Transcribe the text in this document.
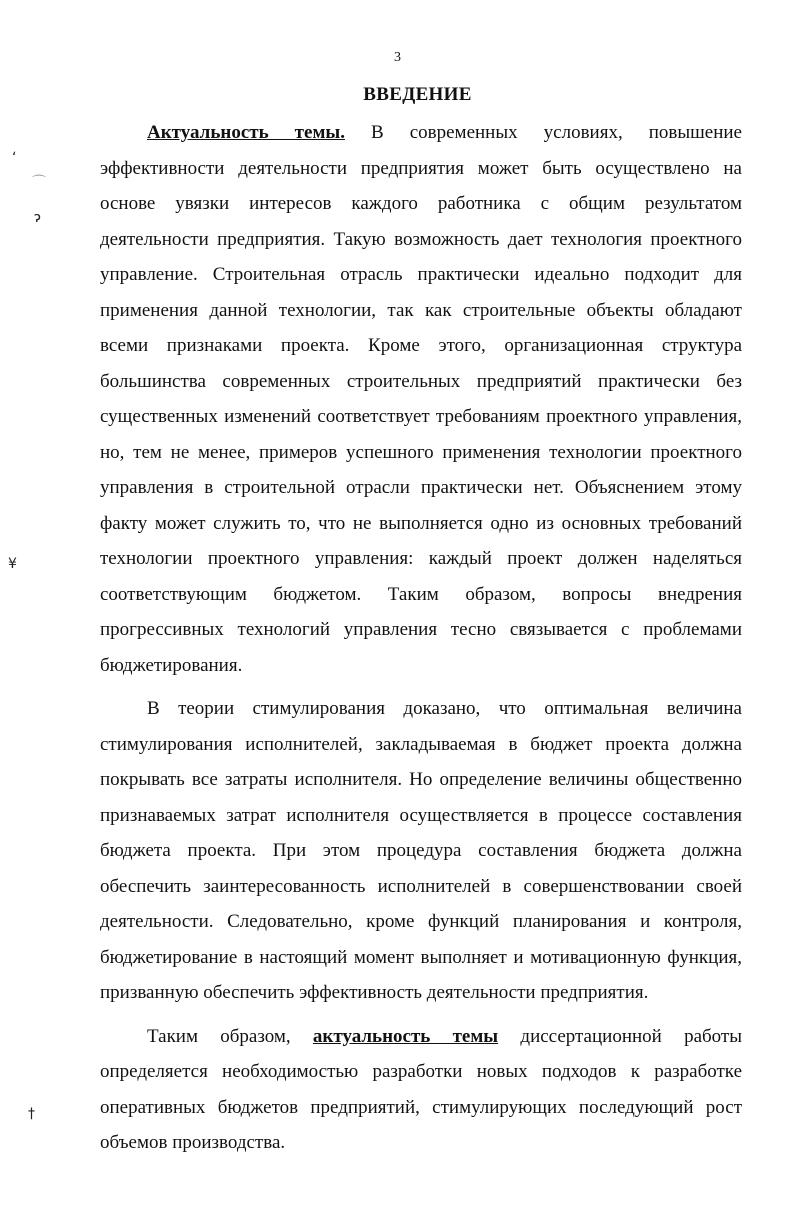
3
ВВЕДЕНИЕ

Актуальность темы. В современных условиях, повышение эффективности деятельности предприятия может быть осуществлено на основе увязки интересов каждого работника с общим результатом деятельности предприятия. Такую возможность дает технология проектного управление. Строительная отрасль практически идеально подходит для применения данной технологии, так как строительные объекты обладают всеми признаками проекта. Кроме этого, организационная структура большинства современных строительных предприятий практически без существенных изменений соответствует требованиям проектного управления, но, тем не менее, примеров успешного применения технологии проектного управления в строительной отрасли практически нет. Объяснением этому факту может служить то, что не выполняется одно из основных требований технологии проектного управления: каждый проект должен наделяться соответствующим бюджетом. Таким образом, вопросы внедрения прогрессивных технологий управления тесно связывается с проблемами бюджетирования.

В теории стимулирования доказано, что оптимальная величина стимулирования исполнителей, закладываемая в бюджет проекта должна покрывать все затраты исполнителя. Но определение величины общественно признаваемых затрат исполнителя осуществляется в процессе составления бюджета проекта. При этом процедура составления бюджета должна обеспечить заинтересованность исполнителей в совершенствовании своей деятельности. Следовательно, кроме функций планирования и контроля, бюджетирование в настоящий момент выполняет и мотивационную функция, призванную обеспечить эффективность деятельности предприятия.

Таким образом, актуальность темы диссертационной работы определяется необходимостью разработки новых подходов к разработке оперативных бюджетов предприятий, стимулирующих последующий рост объемов производства.

ʻ
⌒
ɂ
¥
†
